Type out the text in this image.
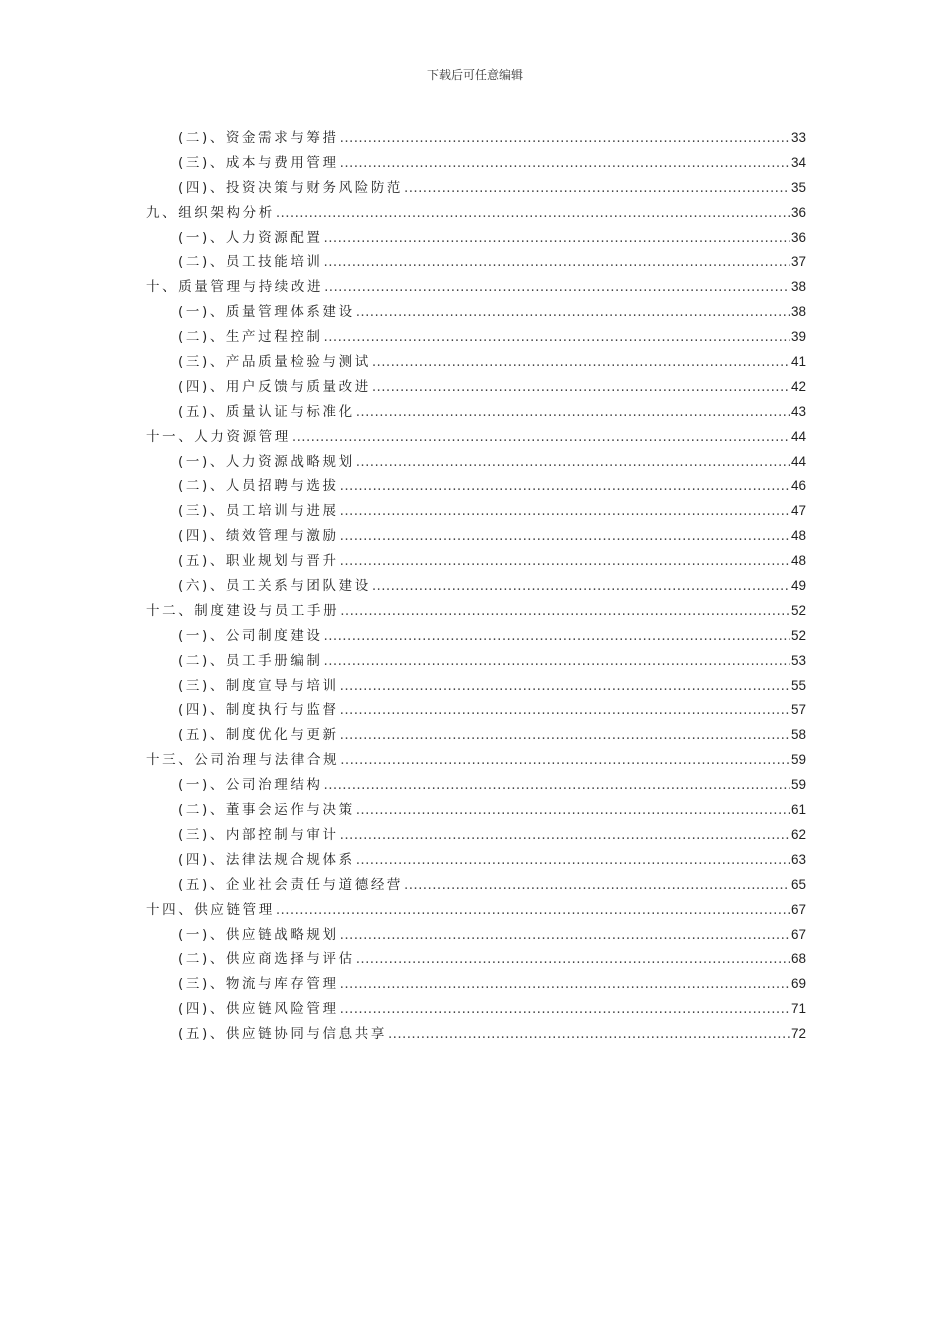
下载后可任意编辑
(二)、资金需求与筹措 .....	33
(三)、成本与费用管理 .....	34
(四)、投资决策与财务风险防范 .....	35
九、组织架构分析 .....	36
(一)、人力资源配置 .....	36
(二)、员工技能培训 .....	37
十、质量管理与持续改进 .....	38
(一)、质量管理体系建设 .....	38
(二)、生产过程控制 .....	39
(三)、产品质量检验与测试 .....	41
(四)、用户反馈与质量改进 .....	42
(五)、质量认证与标准化 .....	43
十一、人力资源管理 .....	44
(一)、人力资源战略规划 .....	44
(二)、人员招聘与选拔 .....	46
(三)、员工培训与进展 .....	47
(四)、绩效管理与激励 .....	48
(五)、职业规划与晋升 .....	48
(六)、员工关系与团队建设 .....	49
十二、制度建设与员工手册 .....	52
(一)、公司制度建设 .....	52
(二)、员工手册编制 .....	53
(三)、制度宣导与培训 .....	55
(四)、制度执行与监督 .....	57
(五)、制度优化与更新 .....	58
十三、公司治理与法律合规 .....	59
(一)、公司治理结构 .....	59
(二)、董事会运作与决策 .....	61
(三)、内部控制与审计 .....	62
(四)、法律法规合规体系 .....	63
(五)、企业社会责任与道德经营 .....	65
十四、供应链管理 .....	67
(一)、供应链战略规划 .....	67
(二)、供应商选择与评估 .....	68
(三)、物流与库存管理 .....	69
(四)、供应链风险管理 .....	71
(五)、供应链协同与信息共享 .....	72
